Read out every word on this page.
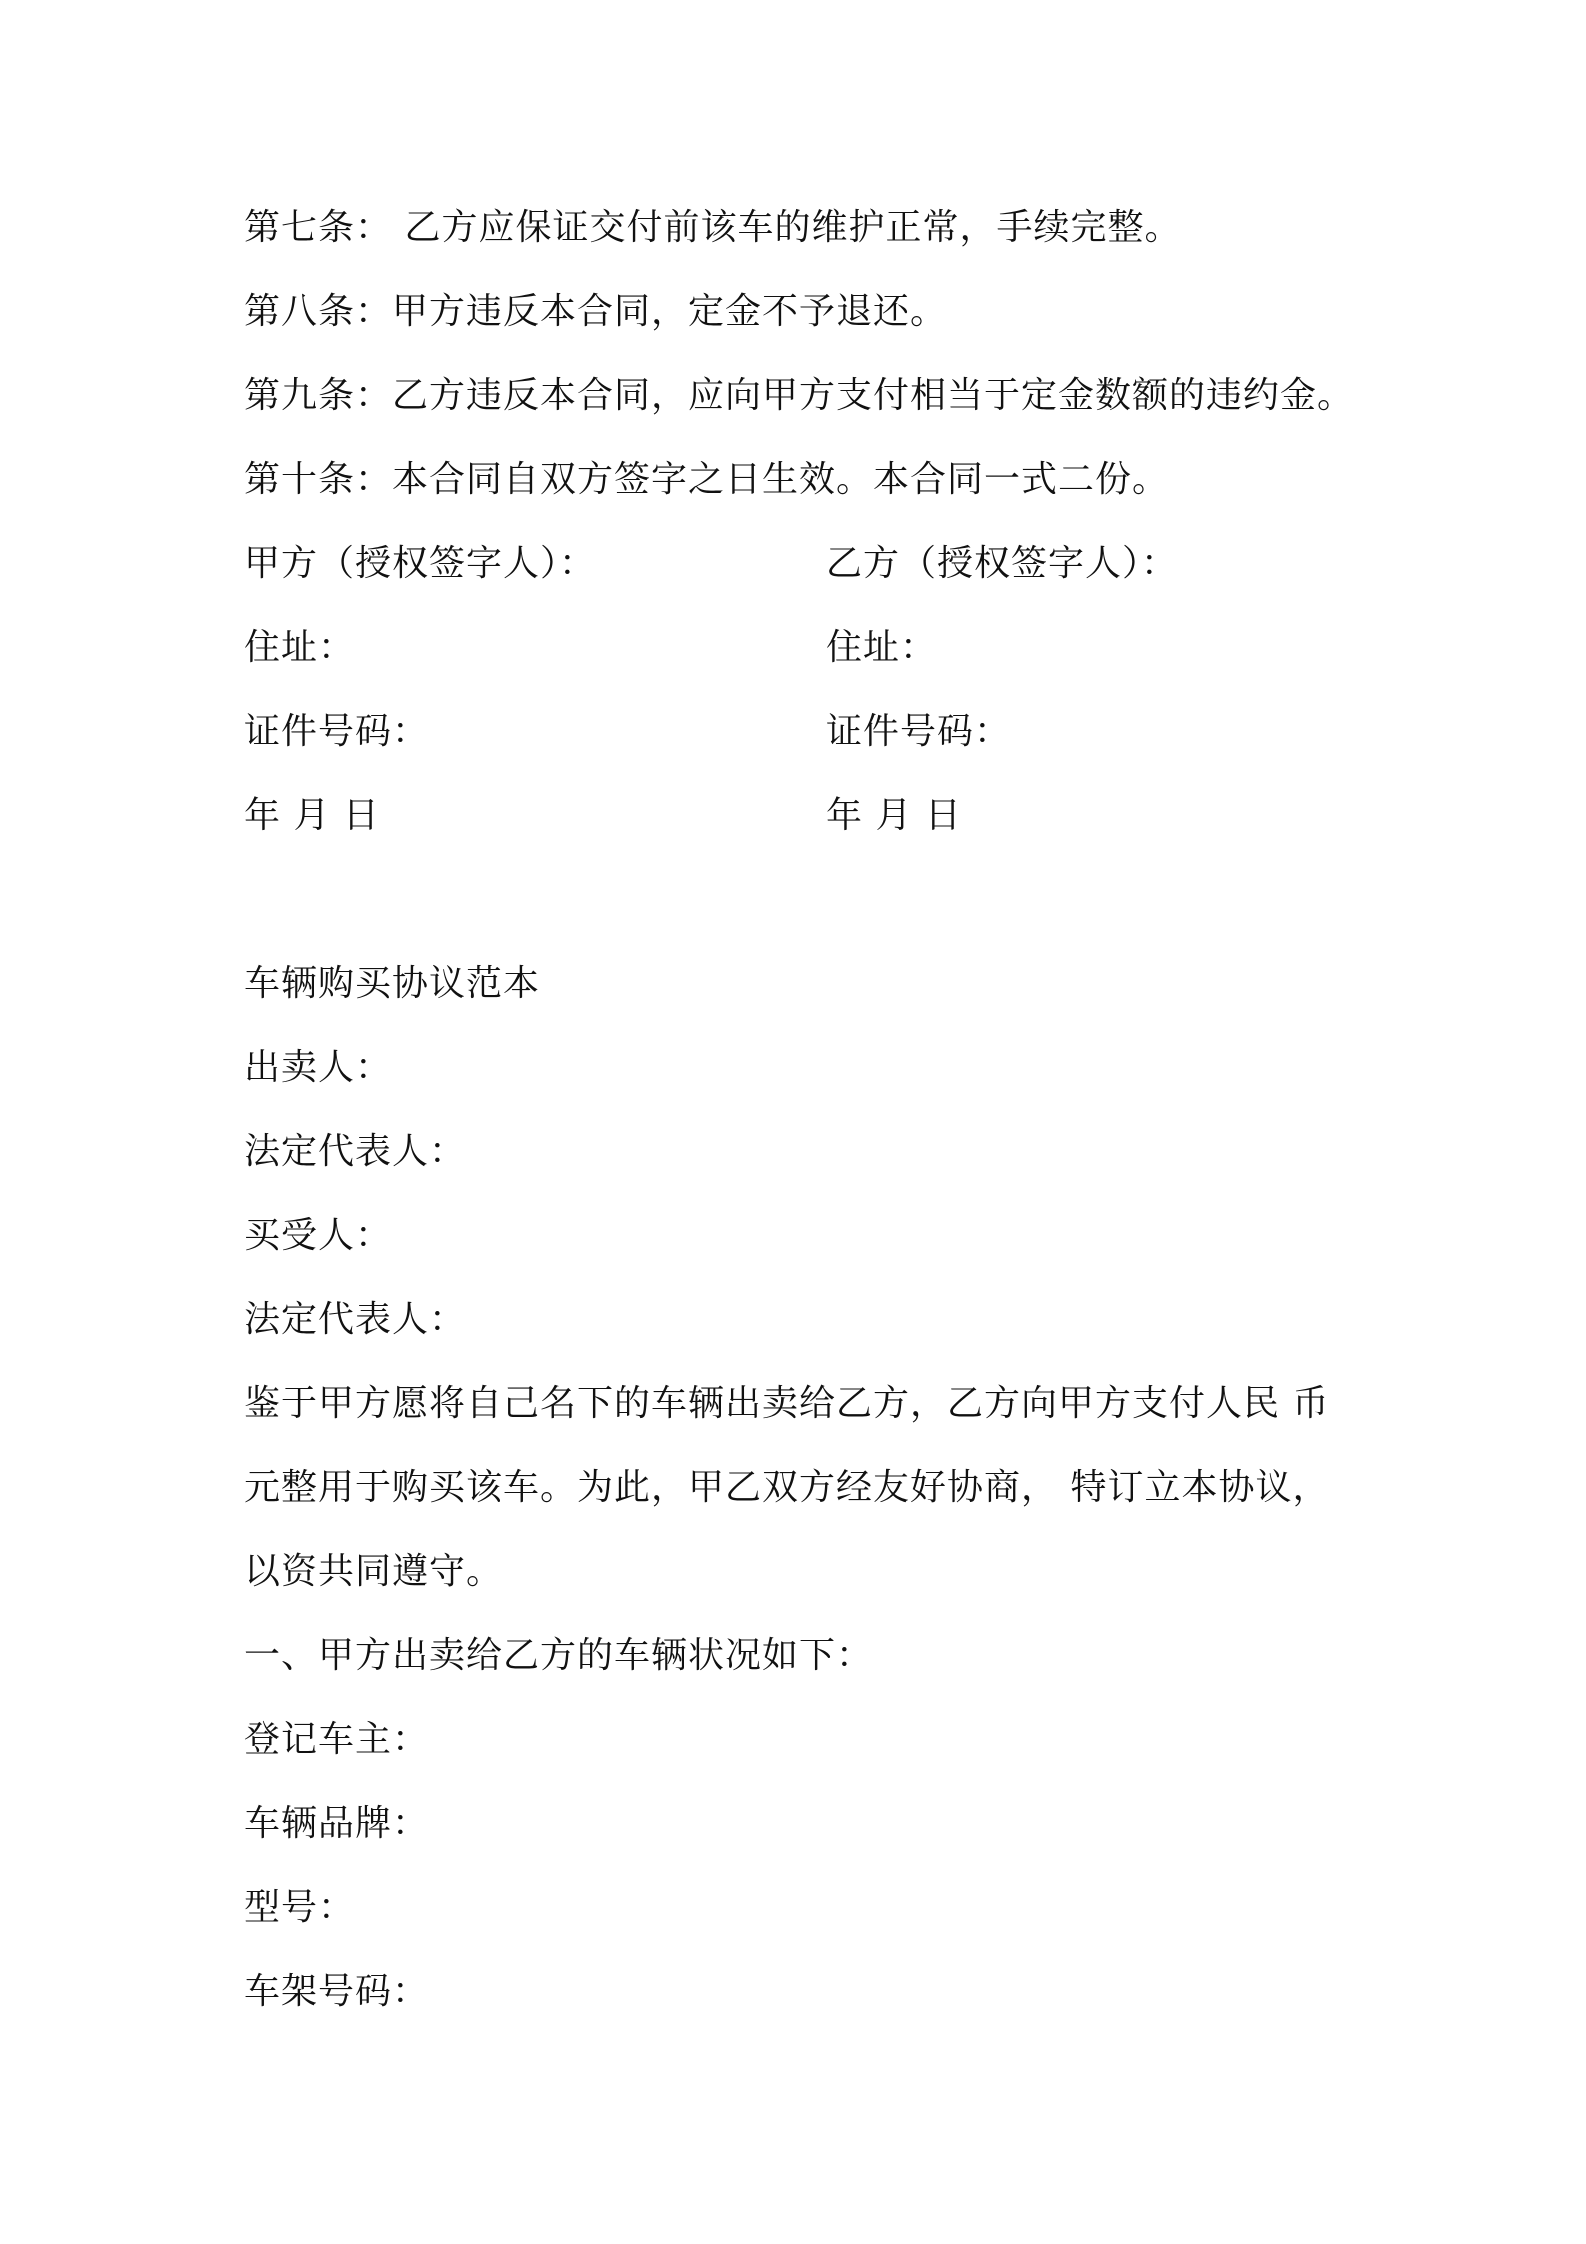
第七条： 乙方应保证交付前该车的维护正常，手续完整。
第八条：甲方违反本合同，定金不予退还。
第九条：乙方违反本合同，应向甲方支付相当于定金数额的违约金。
第十条：本合同自双方签字之日生效。本合同一式二份。
甲方（授权签字人）：	乙方（授权签字人）：
住址：	住址：
证件号码：	证件号码：
年 月 日	年 月 日
车辆购买协议范本
出卖人：
法定代表人：
买受人：
法定代表人：
鉴于甲方愿将自己名下的车辆出卖给乙方，乙方向甲方支付人民 币
元整用于购买该车。为此，甲乙双方经友好协商， 特订立本协议，
以资共同遵守。
一、甲方出卖给乙方的车辆状况如下：
登记车主：
车辆品牌：
型号：
车架号码：
